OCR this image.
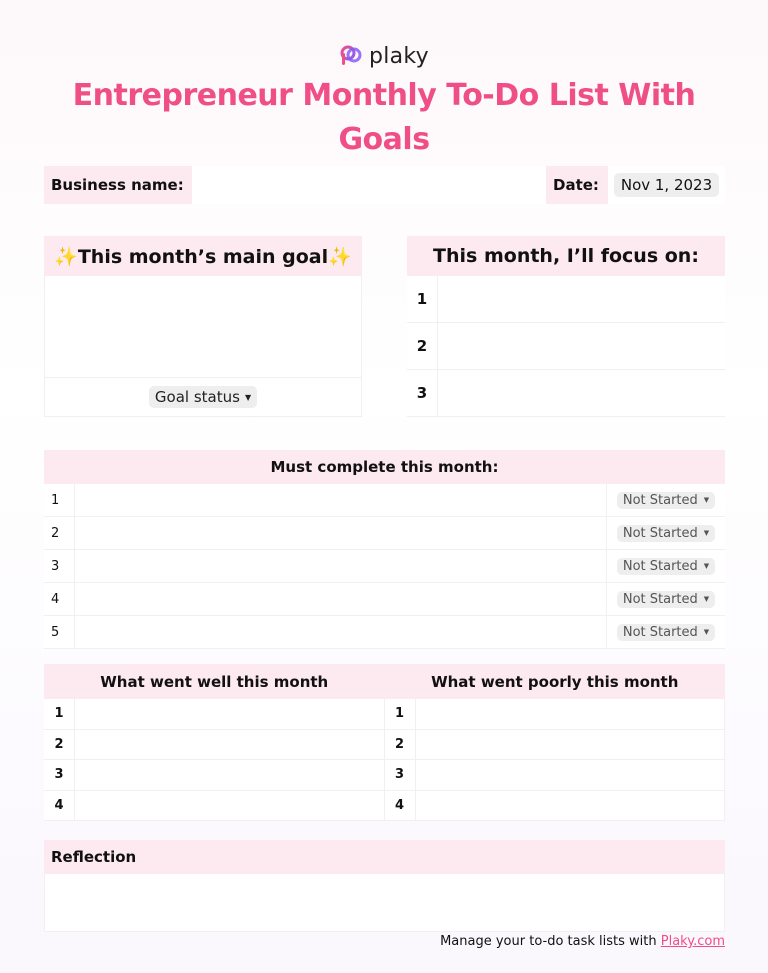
plaky
Entrepreneur Monthly To-Do List With Goals
Business name:	Date:	Nov 1, 2023
✨This month’s main goal✨
Goal status ▼
This month, I’ll focus on:
1
2
3
Must complete this month:
1	Not Started ▼
2	Not Started ▼
3	Not Started ▼
4	Not Started ▼
5	Not Started ▼
What went well this month	What went poorly this month
1	1
2	2
3	3
4	4
Reflection
Manage your to-do task lists with Plaky.com
